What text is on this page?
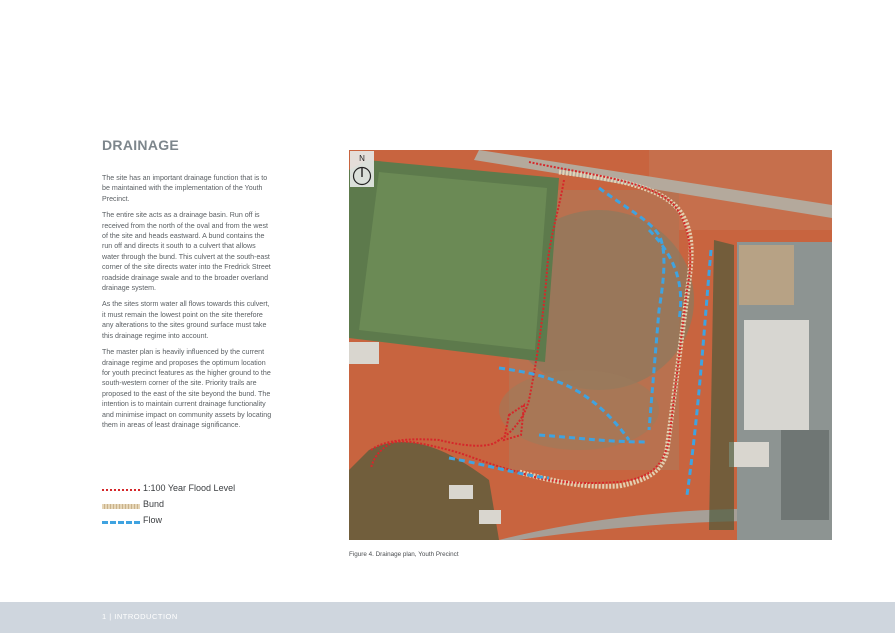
DRAINAGE

The site has an important drainage function that is to be maintained with the implementation of the Youth Precinct.

The entire site acts as a drainage basin. Run off is received from the north of the oval and from the west of the site and heads eastward. A bund contains the run off and directs it south to a culvert that allows water through the bund. This culvert at the south-east corner of the site directs water into the Fredrick Street roadside drainage swale and to the broader overland drainage system.

As the sites storm water all flows towards this culvert, it must remain the lowest point on the site therefore any alterations to the sites ground surface must take this drainage regime into account.

The master plan is heavily influenced by the current drainage regime and proposes the optimum location for youth precinct features as the higher ground to the south-western corner of the site. Priority trails are proposed to the east of the site beyond the bund. The intention is to maintain current drainage functionality and minimise impact on community assets by locating them in areas of least drainage significance.

1:100 Year Flood Level
Bund
Flow
N
Figure 4. Drainage plan, Youth Precinct
1 | INTRODUCTION
